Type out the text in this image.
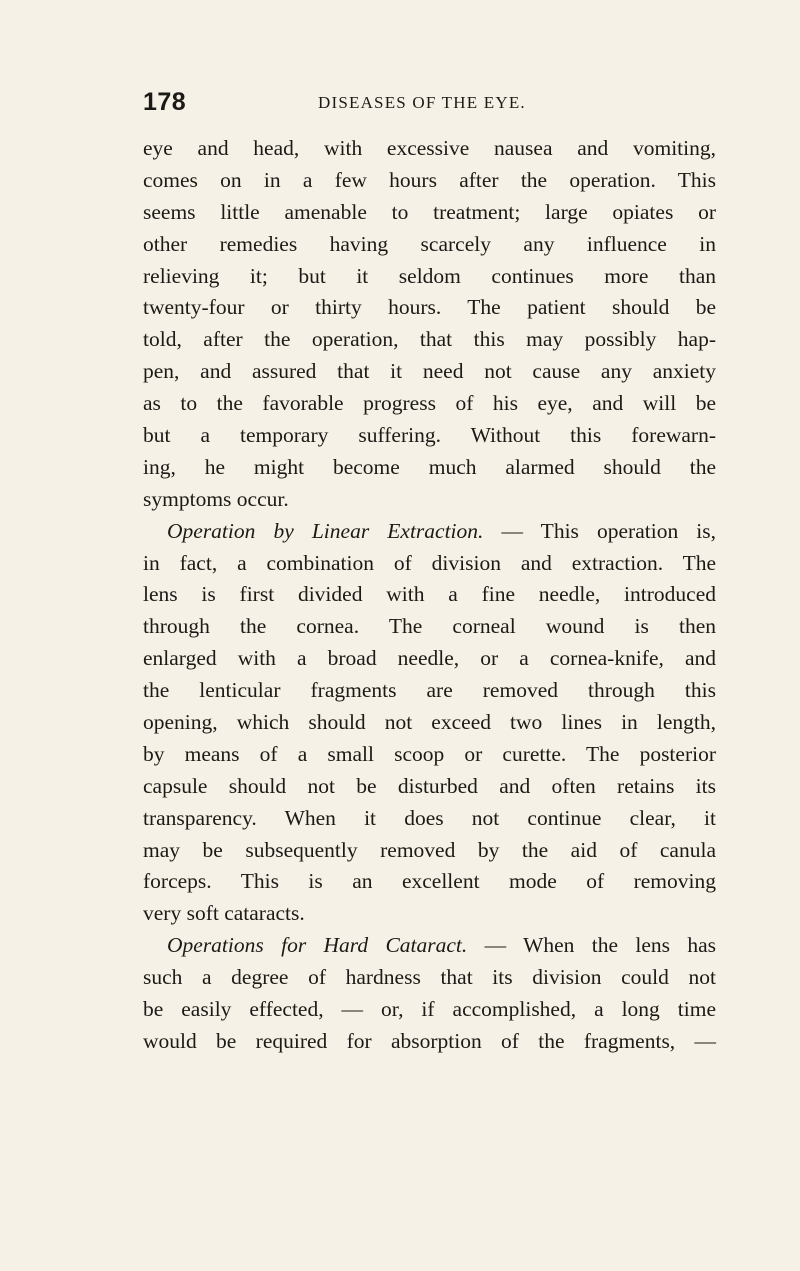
178	DISEASES OF THE EYE.
eye and head, with excessive nausea and vomiting,
comes on in a few hours after the operation. This
seems little amenable to treatment; large opiates or
other remedies having scarcely any influence in
relieving it; but it seldom continues more than
twenty-four or thirty hours. The patient should be
told, after the operation, that this may possibly hap-
pen, and assured that it need not cause any anxiety
as to the favorable progress of his eye, and will be
but a temporary suffering. Without this forewarn-
ing, he might become much alarmed should the
symptoms occur.
Operation by Linear Extraction. — This operation is,
in fact, a combination of division and extraction. The
lens is first divided with a fine needle, introduced
through the cornea. The corneal wound is then
enlarged with a broad needle, or a cornea-knife, and
the lenticular fragments are removed through this
opening, which should not exceed two lines in length,
by means of a small scoop or curette. The posterior
capsule should not be disturbed and often retains its
transparency. When it does not continue clear, it
may be subsequently removed by the aid of canula
forceps. This is an excellent mode of removing
very soft cataracts.
Operations for Hard Cataract. — When the lens has
such a degree of hardness that its division could not
be easily effected, — or, if accomplished, a long time
would be required for absorption of the fragments, —
